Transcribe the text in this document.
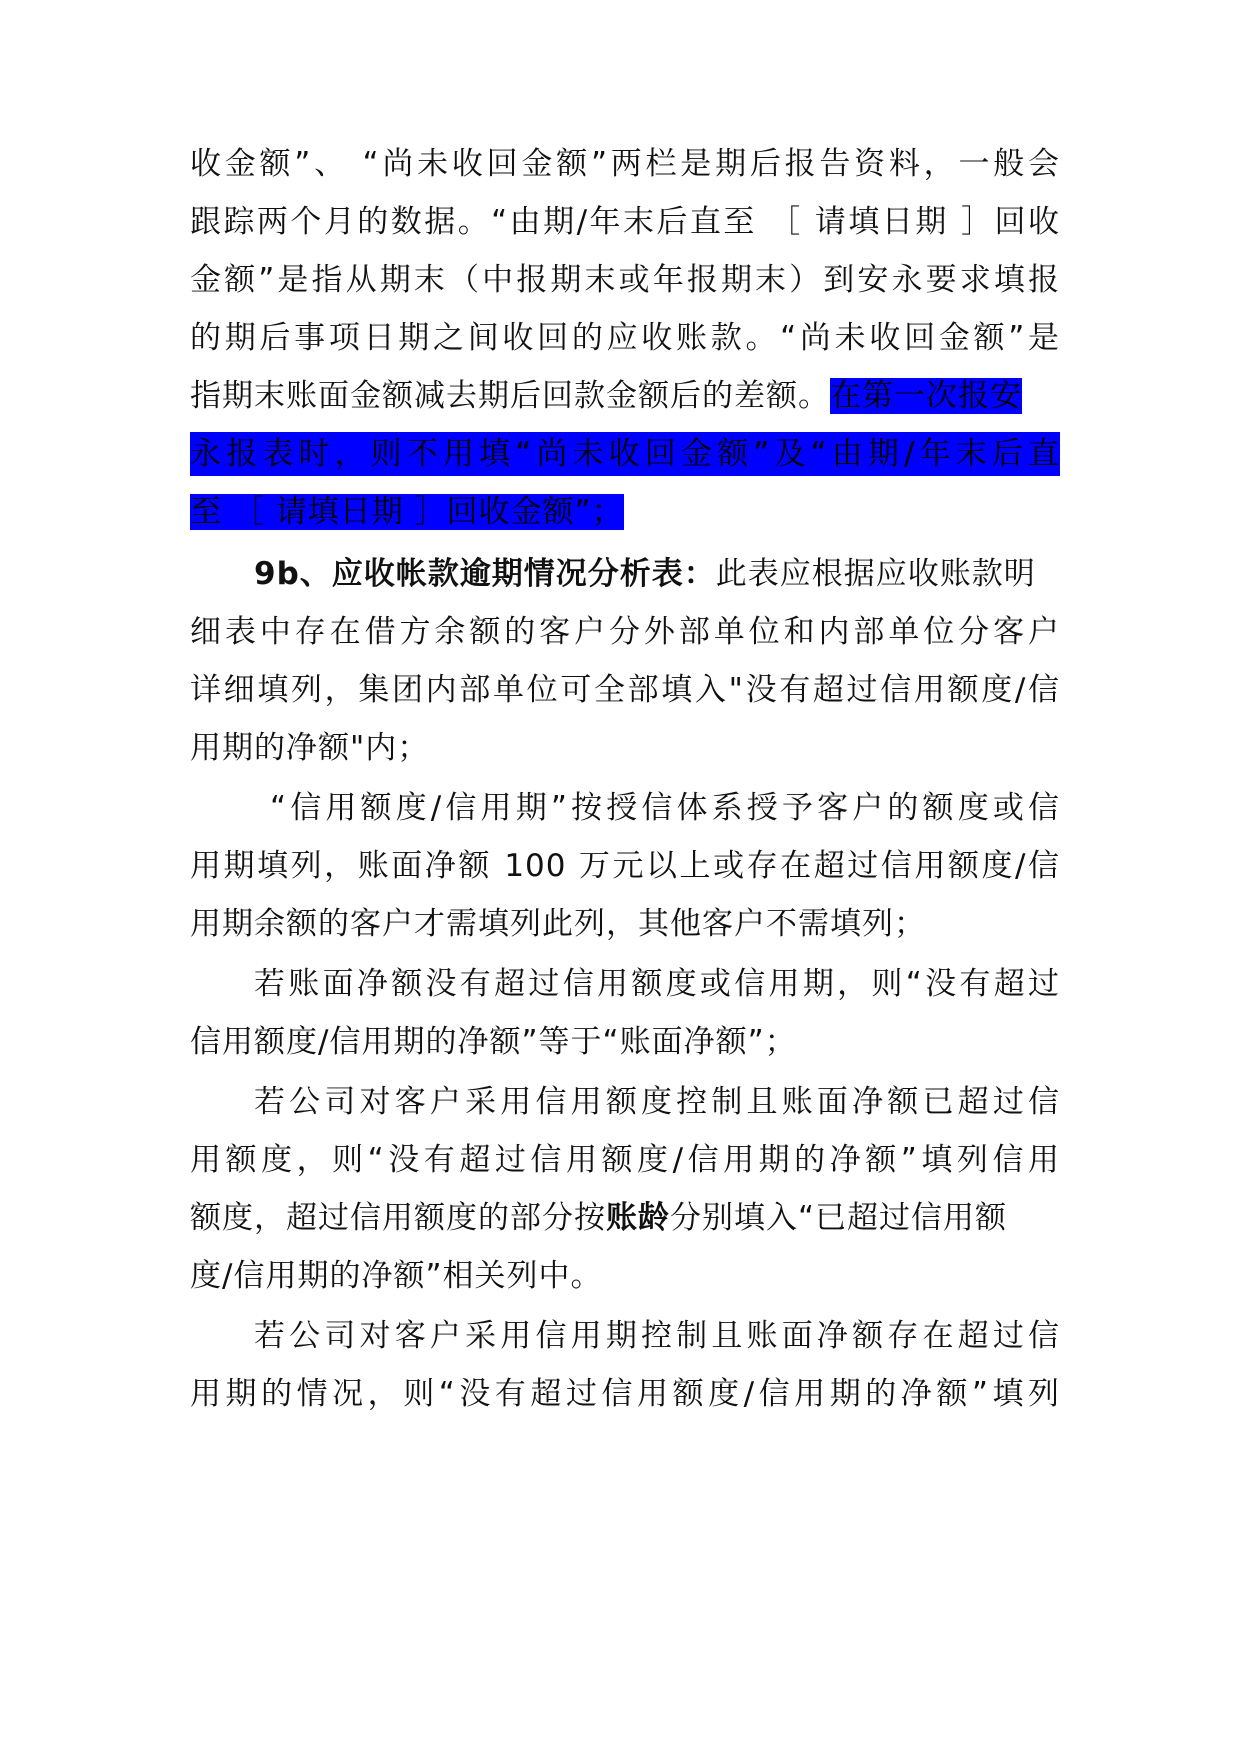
收金额”、 “尚未收回金额”两栏是期后报告资料，一般会
跟踪两个月的数据。“由期/年末后直至 ［ 请填日期 ］回收
金额”是指从期末（中报期末或年报期末）到安永要求填报
的期后事项日期之间收回的应收账款。“尚未收回金额”是
指期末账面金额减去期后回款金额后的差额。在第一次报安
永报表时，则不用填“尚未收回金额”及“由期/年末后直
至 ［ 请填日期 ］回收金额”；
9b、应收帐款逾期情况分析表：此表应根据应收账款明
细表中存在借方余额的客户分外部单位和内部单位分客户
详细填列，集团内部单位可全部填入"没有超过信用额度/信
用期的净额"内；
“信用额度/信用期”按授信体系授予客户的额度或信
用期填列，账面净额 100 万元以上或存在超过信用额度/信
用期余额的客户才需填列此列，其他客户不需填列；
若账面净额没有超过信用额度或信用期，则“没有超过
信用额度/信用期的净额”等于“账面净额”；
若公司对客户采用信用额度控制且账面净额已超过信
用额度，则“没有超过信用额度/信用期的净额”填列信用
额度，超过信用额度的部分按账龄分别填入“已超过信用额
度/信用期的净额”相关列中。
若公司对客户采用信用期控制且账面净额存在超过信
用期的情况，则“没有超过信用额度/信用期的净额”填列
